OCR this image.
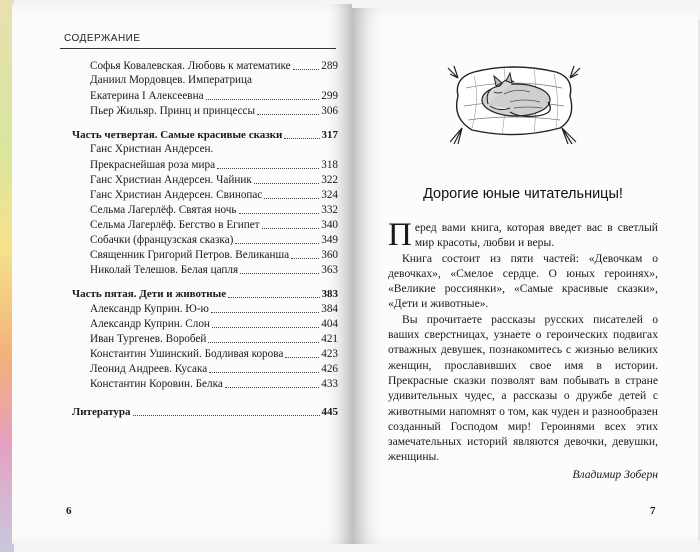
СОДЕРЖАНИЕ
Софья Ковалевская. Любовь к математике	289
Даниил Мордовцев. Императрица
Екатерина I Алексеевна	299
Пьер Жильяр. Принц и принцессы	306
Часть четвертая. Самые красивые сказки	317
Ганс Христиан Андерсен.
Прекраснейшая роза мира	318
Ганс Христиан Андерсен. Чайник	322
Ганс Христиан Андерсен. Свинопас	324
Сельма Лагерлёф. Святая ночь	332
Сельма Лагерлёф. Бегство в Египет	340
Собачки (французская сказка)	349
Священник Григорий Петров. Великанша	360
Николай Телешов. Белая цапля	363
Часть пятая. Дети и животные	383
Александр Куприн. Ю-ю	384
Александр Куприн. Слон	404
Иван Тургенев. Воробей	421
Константин Ушинский. Бодливая корова	423
Леонид Андреев. Кусака	426
Константин Коровин. Белка	433
Литература	445
6
Дорогие юные читательницы!

Перед вами книга, которая введет вас в светлый мир красоты, любви и веры.

Книга состоит из пяти частей: «Девочкам о девочках», «Смелое сердце. О юных героинях», «Великие россиянки», «Самые красивые сказки», «Дети и животные».

Вы прочитаете рассказы русских писателей о ваших сверстницах, узнаете о героических подвигах отважных девушек, познакомитесь с жизнью великих женщин, прославивших свое имя в истории. Прекрасные сказки позволят вам побывать в стране удивительных чудес, а рассказы о дружбе детей с животными напомнят о том, как чуден и разнообразен созданный Господом мир! Героинями всех этих замечательных историй являются девочки, девушки, женщины.

Владимир Зоберн
7
